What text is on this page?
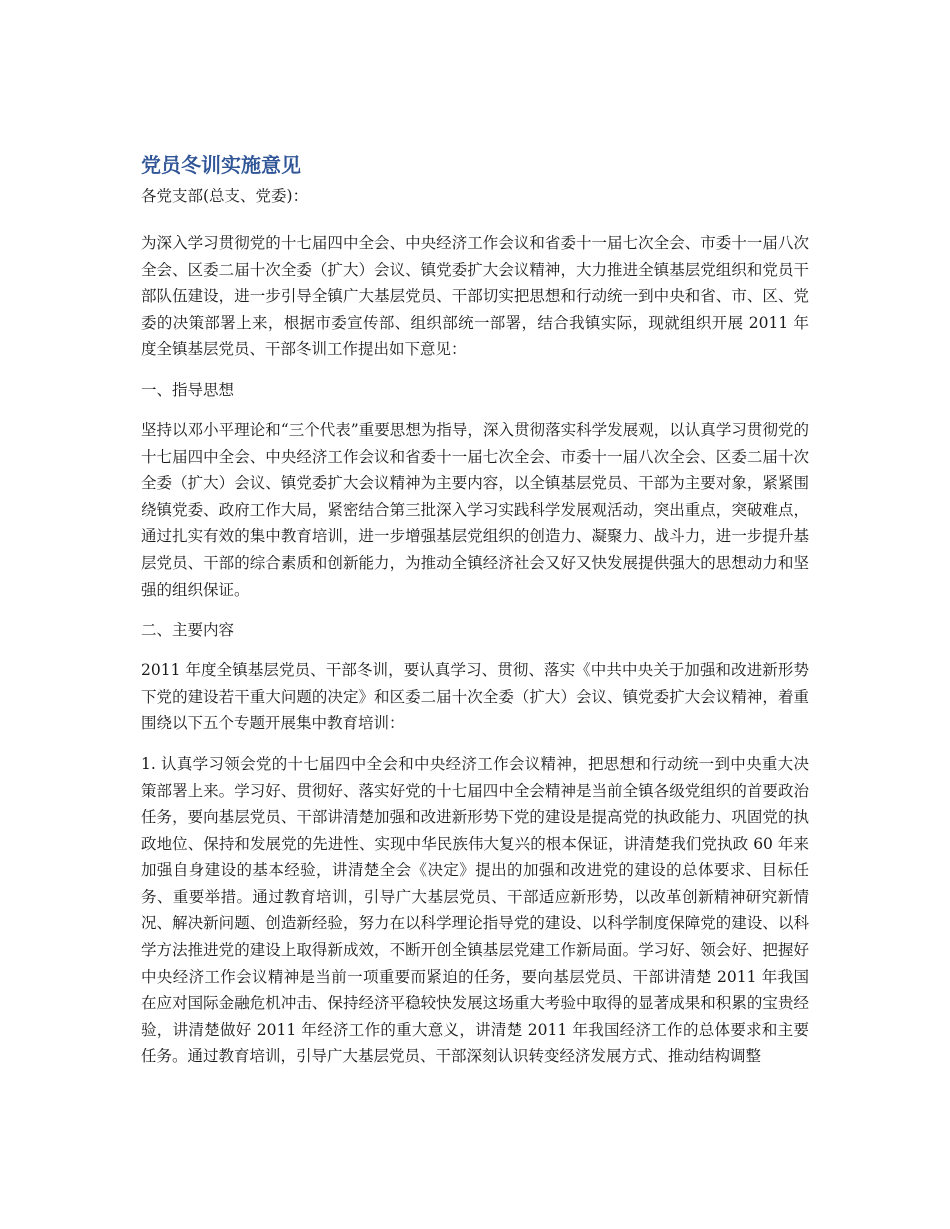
党员冬训实施意见

各党支部(总支、党委)：

为深入学习贯彻党的十七届四中全会、中央经济工作会议和省委十一届七次全会、市委十一届八次全会、区委二届十次全委（扩大）会议、镇党委扩大会议精神，大力推进全镇基层党组织和党员干部队伍建设，进一步引导全镇广大基层党员、干部切实把思想和行动统一到中央和省、市、区、党委的决策部署上来，根据市委宣传部、组织部统一部署，结合我镇实际，现就组织开展 2011 年度全镇基层党员、干部冬训工作提出如下意见：

一、指导思想

坚持以邓小平理论和“三个代表”重要思想为指导，深入贯彻落实科学发展观，以认真学习贯彻党的十七届四中全会、中央经济工作会议和省委十一届七次全会、市委十一届八次全会、区委二届十次全委（扩大）会议、镇党委扩大会议精神为主要内容，以全镇基层党员、干部为主要对象，紧紧围绕镇党委、政府工作大局，紧密结合第三批深入学习实践科学发展观活动，突出重点，突破难点，通过扎实有效的集中教育培训，进一步增强基层党组织的创造力、凝聚力、战斗力，进一步提升基层党员、干部的综合素质和创新能力，为推动全镇经济社会又好又快发展提供强大的思想动力和坚强的组织保证。

二、主要内容

2011 年度全镇基层党员、干部冬训，要认真学习、贯彻、落实《中共中央关于加强和改进新形势下党的建设若干重大问题的决定》和区委二届十次全委（扩大）会议、镇党委扩大会议精神，着重围绕以下五个专题开展集中教育培训：

1. 认真学习领会党的十七届四中全会和中央经济工作会议精神，把思想和行动统一到中央重大决策部署上来。学习好、贯彻好、落实好党的十七届四中全会精神是当前全镇各级党组织的首要政治任务，要向基层党员、干部讲清楚加强和改进新形势下党的建设是提高党的执政能力、巩固党的执政地位、保持和发展党的先进性、实现中华民族伟大复兴的根本保证，讲清楚我们党执政 60 年来加强自身建设的基本经验，讲清楚全会《决定》提出的加强和改进党的建设的总体要求、目标任务、重要举措。通过教育培训，引导广大基层党员、干部适应新形势，以改革创新精神研究新情况、解决新问题、创造新经验，努力在以科学理论指导党的建设、以科学制度保障党的建设、以科学方法推进党的建设上取得新成效，不断开创全镇基层党建工作新局面。学习好、领会好、把握好中央经济工作会议精神是当前一项重要而紧迫的任务，要向基层党员、干部讲清楚 2011 年我国在应对国际金融危机冲击、保持经济平稳较快发展这场重大考验中取得的显著成果和积累的宝贵经验，讲清楚做好 2011 年经济工作的重大意义，讲清楚 2011 年我国经济工作的总体要求和主要任务。通过教育培训，引导广大基层党员、干部深刻认识转变经济发展方式、推动结构调整
